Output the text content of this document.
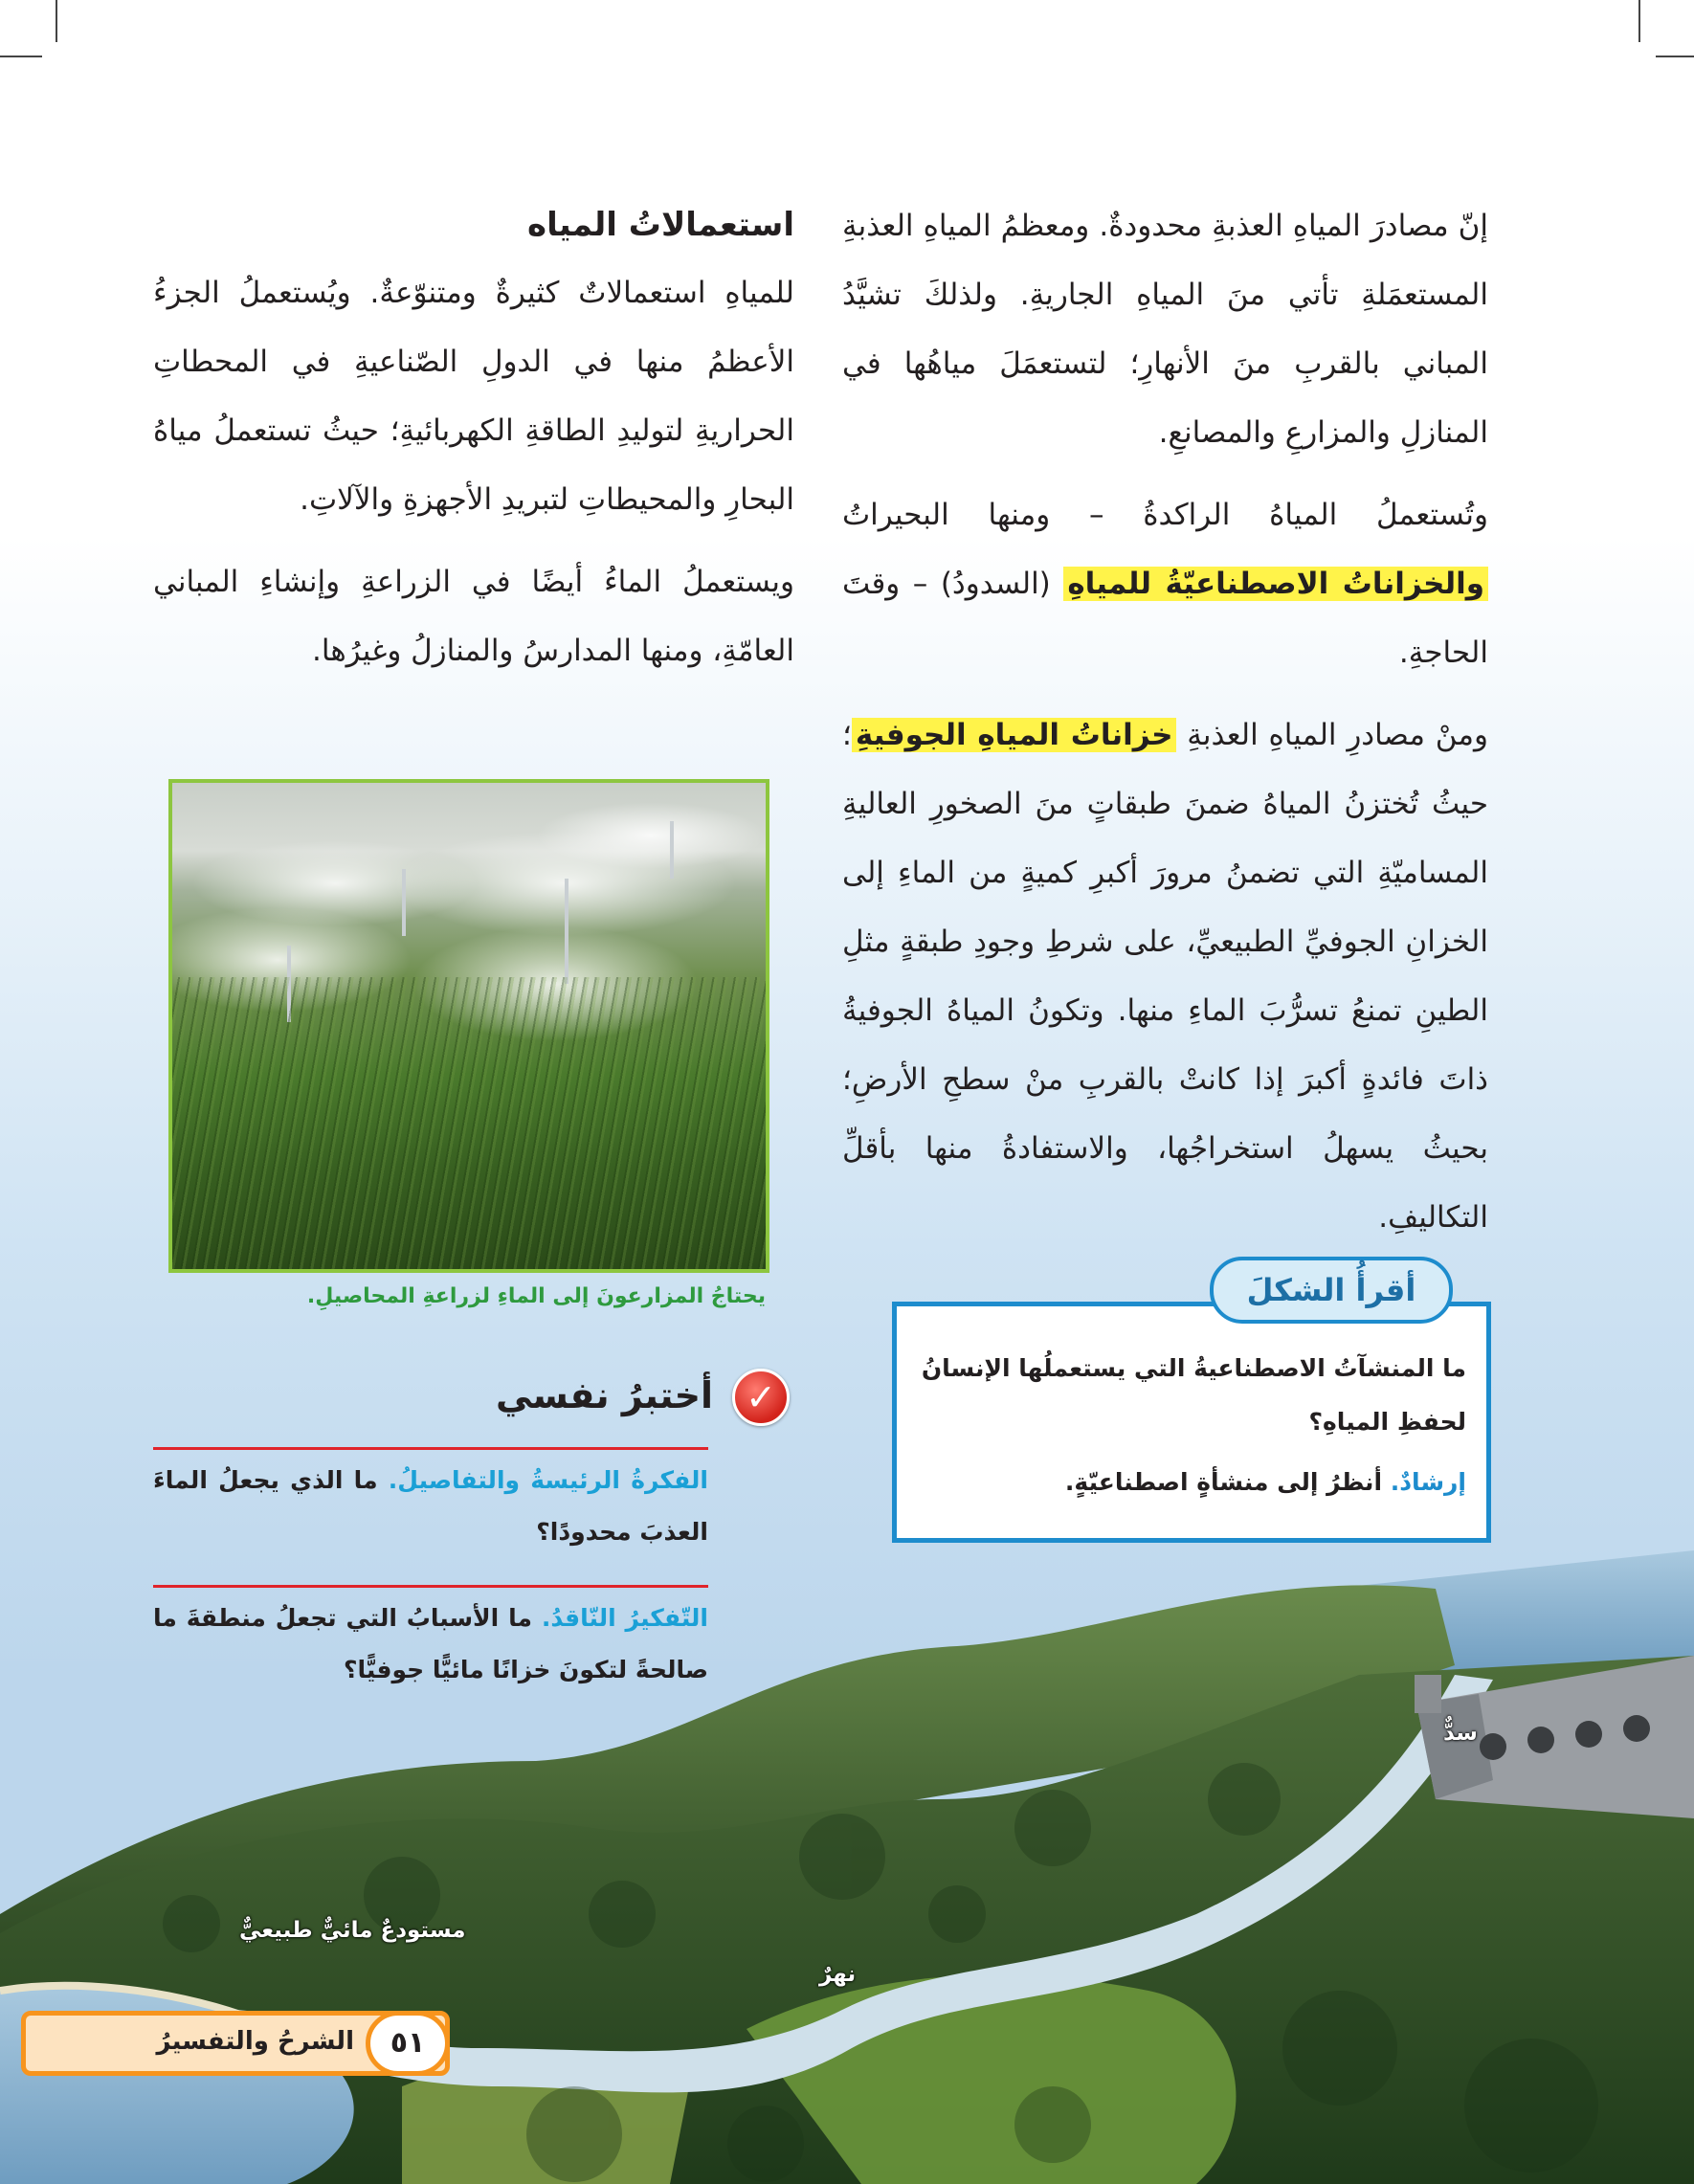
إنّ مصادرَ المياهِ العذبةِ محدودةٌ. ومعظمُ المياهِ العذبةِ المستعمَلةِ تأتي منَ المياهِ الجاريةِ. ولذلكَ تشيَّدُ المباني بالقربِ منَ الأنهارِ؛ لتستعمَلَ مياهُها في المنازلِ والمزارعِ والمصانعِ.

وتُستعملُ المياهُ الراكدةُ – ومنها البحيراتُ والخزاناتُ الاصطناعيّةُ للمياهِ (السدودُ) – وقتَ الحاجةِ.

ومنْ مصادرِ المياهِ العذبةِ خزاناتُ المياهِ الجوفيةِ؛ حيثُ تُختزنُ المياهُ ضمنَ طبقاتٍ منَ الصخورِ العاليةِ المساميّةِ التي تضمنُ مرورَ أكبرِ كميةٍ من الماءِ إلى الخزانِ الجوفيِّ الطبيعيِّ، على شرطِ وجودِ طبقةٍ مثلِ الطينِ تمنعُ تسرُّبَ الماءِ منها. وتكونُ المياهُ الجوفيةُ ذاتَ فائدةٍ أكبرَ إذا كانتْ بالقربِ منْ سطحِ الأرضِ؛ بحيثُ يسهلُ استخراجُها، والاستفادةُ منها بأقلِّ التكاليفِ.

استعمالاتُ المياه

للمياهِ استعمالاتٌ كثيرةٌ ومتنوّعةٌ. ويُستعملُ الجزءُ الأعظمُ منها في الدولِ الصّناعيةِ في المحطاتِ الحراريةِ لتوليدِ الطاقةِ الكهربائيةِ؛ حيثُ تستعملُ مياهُ البحارِ والمحيطاتِ لتبريدِ الأجهزةِ والآلاتِ.

ويستعملُ الماءُ أيضًا في الزراعةِ وإنشاءِ المباني العامّةِ، ومنها المدارسُ والمنازلُ وغيرُها.

يحتاجُ المزارعونَ إلى الماءِ لزراعةِ المحاصيلِ.
✓
أختبرُ نفسي
الفكرةُ الرئيسةُ والتفاصيلُ. ما الذي يجعلُ الماءَ العذبَ محدودًا؟
التّفكيرُ النّاقدُ. ما الأسبابُ التي تجعلُ منطقةَ ما صالحةً لتكونَ خزانًا مائيًّا جوفيًّا؟
أقرأُ الشكلَ
ما المنشآتُ الاصطناعيةُ التي يستعملُها الإنسانُ لحفظِ المياهِ؟
إرشادٌ. أنظرُ إلى منشأةٍ اصطناعيّةٍ.
سدٌّ
مستودعٌ مائيٌّ طبيعيٌّ
نهرٌ
٥١
الشرحُ والتفسيرُ
